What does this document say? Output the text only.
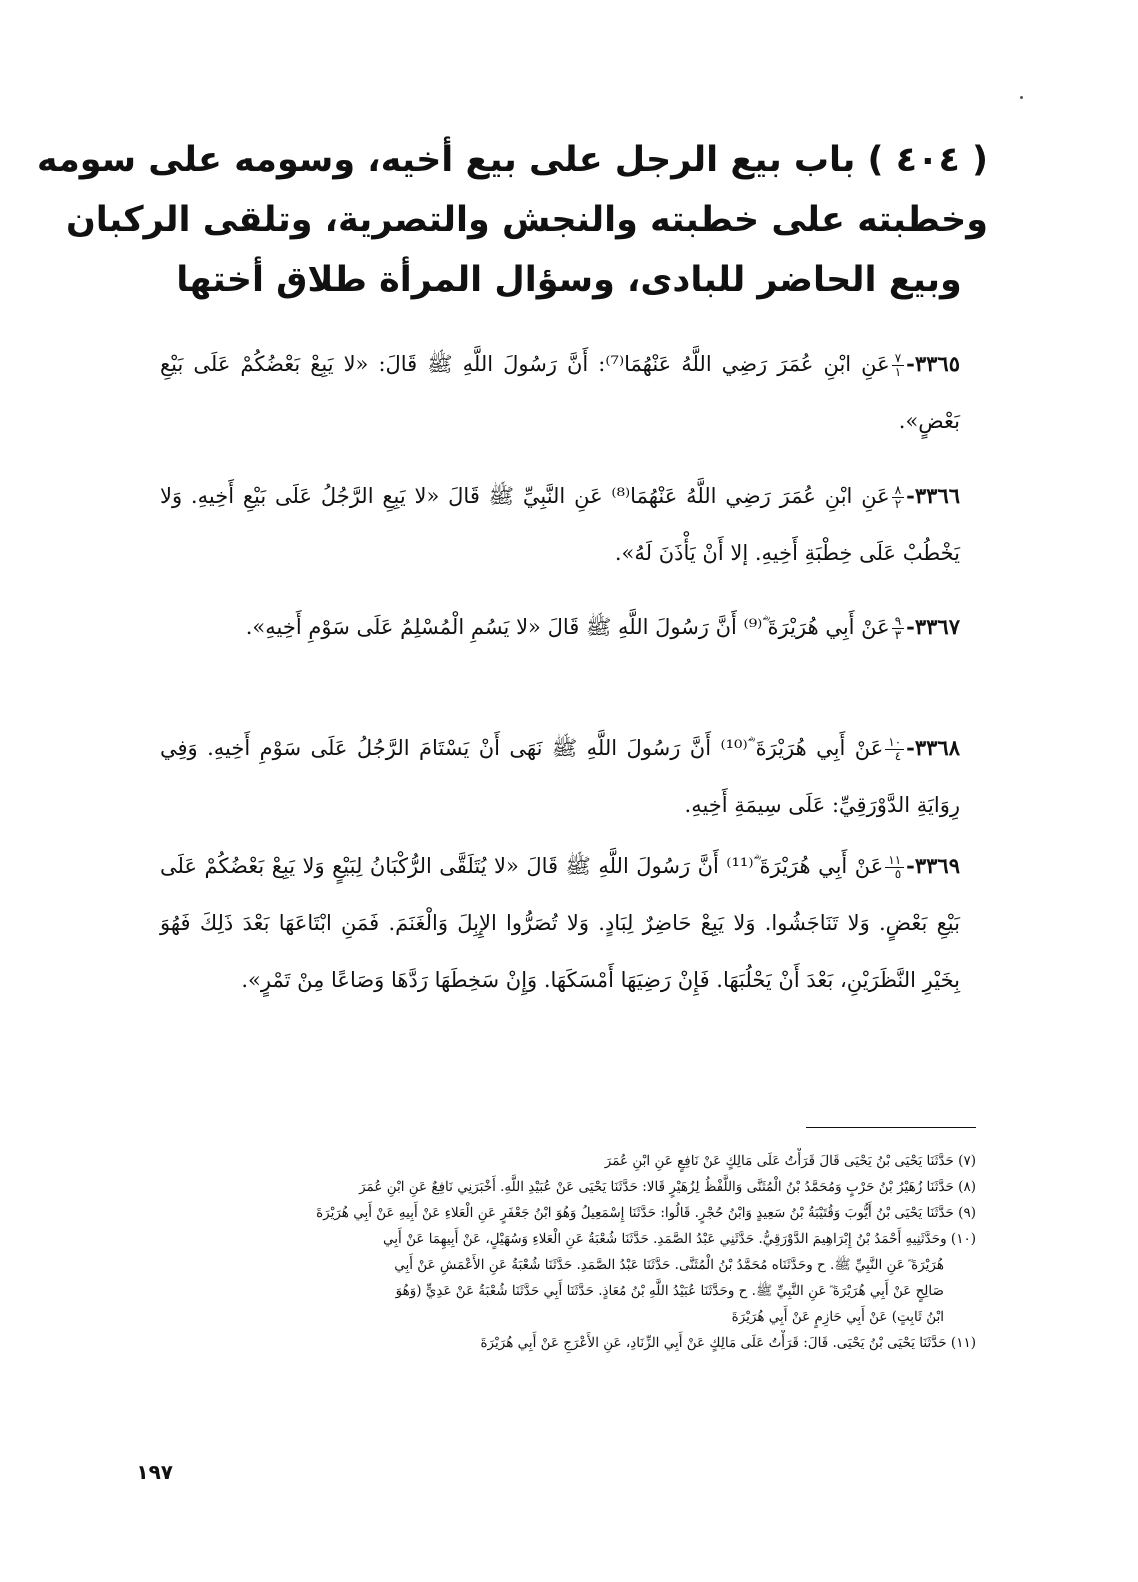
( ٤٠٤ ) باب بيع الرجل على بيع أخيه، وسومه على سومه
وخطبته على خطبته والنجش والتصرية، وتلقى الركبان
وبيع الحاضر للبادى، وسؤال المرأة طلاق أختها
٣٣٦٥-
$\frac{٧}{١}$
عَنِ ابْنِ عُمَرَ رَضِي اللَّهُ عَنْهُمَا⁽⁷⁾: أَنَّ رَسُولَ اللَّهِ ﷺ قَالَ: «لا يَبِعْ بَعْضُكُمْ عَلَى بَيْعِ بَعْضٍ».
٣٣٦٦-
$\frac{٨}{٢}$
عَنِ ابْنِ عُمَرَ رَضِي اللَّهُ عَنْهُمَا⁽⁸⁾ عَنِ النَّبِيِّ ﷺ قَالَ «لا يَبِعِ الرَّجُلُ عَلَى بَيْعِ أَخِيهِ. وَلا يَخْطُبْ عَلَى خِطْبَةِ أَخِيهِ. إلا أَنْ يَأْذَنَ لَهُ».
٣٣٦٧-
$\frac{٩}{٣}$
عَنْ أَبِي هُرَيْرَةَ ؓ⁽⁹⁾ أَنَّ رَسُولَ اللَّهِ ﷺ قَالَ «لا يَسُمِ الْمُسْلِمُ عَلَى سَوْمِ أَخِيهِ».
٣٣٦٨-
$\frac{١٠}{٤}$
عَنْ أَبِي هُرَيْرَةَ ؓ⁽¹⁰⁾ أَنَّ رَسُولَ اللَّهِ ﷺ نَهَى أَنْ يَسْتَامَ الرَّجُلُ عَلَى سَوْمِ أَخِيهِ. وَفِي رِوَايَةِ الدَّوْرَقِيِّ: عَلَى سِيمَةِ أَخِيهِ.
٣٣٦٩-
$\frac{١١}{٥}$
عَنْ أَبِي هُرَيْرَةَ ؓ⁽¹¹⁾ أَنَّ رَسُولَ اللَّهِ ﷺ قَالَ «لا يُتَلَقَّى الرُّكْبَانُ لِبَيْعٍ وَلا يَبِعْ بَعْضُكُمْ عَلَى بَيْعِ بَعْضٍ. وَلا تَنَاجَشُوا. وَلا يَبِعْ حَاضِرٌ لِبَادٍ. وَلا تُصَرُّوا الإِبِلَ وَالْغَنَمَ. فَمَنِ ابْتَاعَهَا بَعْدَ ذَلِكَ فَهُوَ بِخَيْرِ النَّظَرَيْنِ، بَعْدَ أَنْ يَحْلُبَهَا. فَإِنْ رَضِيَهَا أَمْسَكَهَا. وَإِنْ سَخِطَهَا رَدَّهَا وَصَاعًا مِنْ تَمْرٍ».
(٧) حَدَّثَنَا يَحْيَى بْنُ يَحْيَى قَالَ قَرَأْتُ عَلَى مَالِكٍ عَنْ نَافِعٍ عَنِ ابْنِ عُمَرَ
(٨) حَدَّثَنَا زُهَيْرُ بْنُ حَرْبٍ وَمُحَمَّدُ بْنُ الْمُثَنَّى وَاللَّفْظُ لِزُهَيْرٍ قَالا: حَدَّثَنَا يَحْيَى عَنْ عُبَيْدِ اللَّهِ. أَخْبَرَنِي نَافِعٌ عَنِ ابْنِ عُمَرَ
(٩) حَدَّثَنَا يَحْيَى بْنُ أَيُّوبَ وَقُتَيْبَةُ بْنُ سَعِيدٍ وَابْنُ حُجْرٍ. قَالُوا: حَدَّثَنَا إِسْمَعِيلُ وَهُوَ ابْنُ جَعْفَرٍ عَنِ الْعَلاءِ عَنْ أَبِيهِ عَنْ أَبِي هُرَيْرَةَ
(١٠) وحَدَّثَنِيهِ أَحْمَدُ بْنُ إِبْرَاهِيمَ الدَّوْرَقِيُّ. حَدَّثَنِي عَبْدُ الصَّمَدِ. حَدَّثَنَا شُعْبَةُ عَنِ الْعَلاءِ وَسُهَيْلٍ، عَنْ أَبِيهِمَا عَنْ أَبِي
هُرَيْرَةَ ؓ عَنِ النَّبِيِّ ﷺ. ح وحَدَّثَنَاه مُحَمَّدُ بْنُ الْمُثَنَّى. حَدَّثَنَا عَبْدُ الصَّمَدِ. حَدَّثَنَا شُعْبَةُ عَنِ الأَعْمَشِ عَنْ أَبِي
صَالِحٍ عَنْ أَبِي هُرَيْرَةَ ؓ عَنِ النَّبِيِّ ﷺ. ح وحَدَّثَنَا عُبَيْدُ اللَّهِ بْنُ مُعَاذٍ. حَدَّثَنَا أَبِي حَدَّثَنَا شُعْبَةُ عَنْ عَدِيٍّ (وَهُوَ
ابْنُ ثَابِتٍ) عَنْ أَبِي حَازِمٍ عَنْ أَبِي هُرَيْرَةَ
(١١) حَدَّثَنَا يَحْيَى بْنُ يَحْيَى. قَالَ: قَرَأْتُ عَلَى مَالِكٍ عَنْ أَبِي الزِّنَادِ، عَنِ الأَعْرَجِ عَنْ أَبِي هُرَيْرَةَ
١٩٧
